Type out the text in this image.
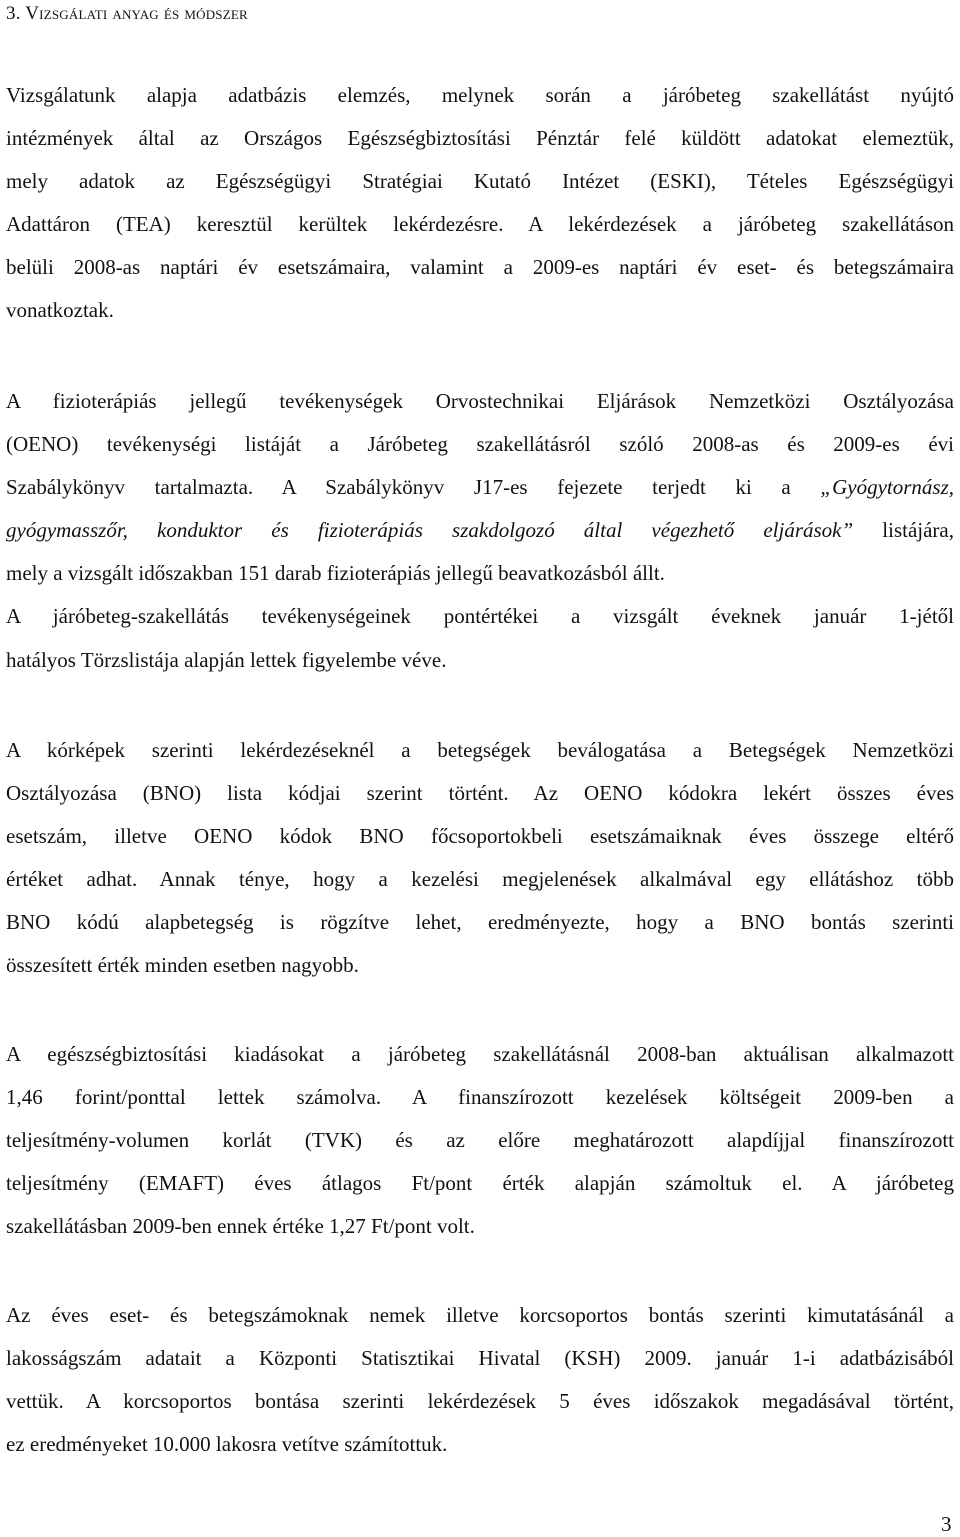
3. Vizsgálati anyag és módszer
Vizsgálatunk alapja adatbázis elemzés, melynek során a járóbeteg szakellátást nyújtó
intézmények által az Országos Egészségbiztosítási Pénztár felé küldött adatokat elemeztük,
mely adatok az Egészségügyi Stratégiai Kutató Intézet (ESKI), Tételes Egészségügyi
Adattáron (TEA) keresztül kerültek lekérdezésre. A lekérdezések a járóbeteg szakellátáson
belüli 2008-as naptári év esetszámaira, valamint a 2009-es naptári év eset- és betegszámaira
vonatkoztak.
A fizioterápiás jellegű tevékenységek Orvostechnikai Eljárások Nemzetközi Osztályozása
(OENO) tevékenységi listáját a Járóbeteg szakellátásról szóló 2008-as és 2009-es évi
Szabálykönyv tartalmazta. A Szabálykönyv J17-es fejezete terjedt ki a „Gyógytornász,
gyógymasszőr, konduktor és fizioterápiás szakdolgozó által végezhető eljárások” listájára,
mely a vizsgált időszakban 151 darab fizioterápiás jellegű beavatkozásból állt.
A járóbeteg-szakellátás tevékenységeinek pontértékei a vizsgált éveknek január 1-jétől
hatályos Törzslistája alapján lettek figyelembe véve.
A kórképek szerinti lekérdezéseknél a betegségek beválogatása a Betegségek Nemzetközi
Osztályozása (BNO) lista kódjai szerint történt. Az OENO kódokra lekért összes éves
esetszám, illetve OENO kódok BNO főcsoportokbeli esetszámaiknak éves összege eltérő
értéket adhat. Annak ténye, hogy a kezelési megjelenések alkalmával egy ellátáshoz több
BNO kódú alapbetegség is rögzítve lehet, eredményezte, hogy a BNO bontás szerinti
összesített érték minden esetben nagyobb.
A egészségbiztosítási kiadásokat a járóbeteg szakellátásnál 2008-ban aktuálisan alkalmazott
1,46 forint/ponttal lettek számolva. A finanszírozott kezelések költségeit 2009-ben a
teljesítmény-volumen korlát (TVK) és az előre meghatározott alapdíjjal finanszírozott
teljesítmény (EMAFT) éves átlagos Ft/pont érték alapján számoltuk el. A járóbeteg
szakellátásban 2009-ben ennek értéke 1,27 Ft/pont volt.
Az éves eset- és betegszámoknak nemek illetve korcsoportos bontás szerinti kimutatásánál a
lakosságszám adatait a Központi Statisztikai Hivatal (KSH) 2009. január 1-i adatbázisából
vettük. A korcsoportos bontása szerinti lekérdezések 5 éves időszakok megadásával történt,
ez eredményeket 10.000 lakosra vetítve számítottuk.
3
